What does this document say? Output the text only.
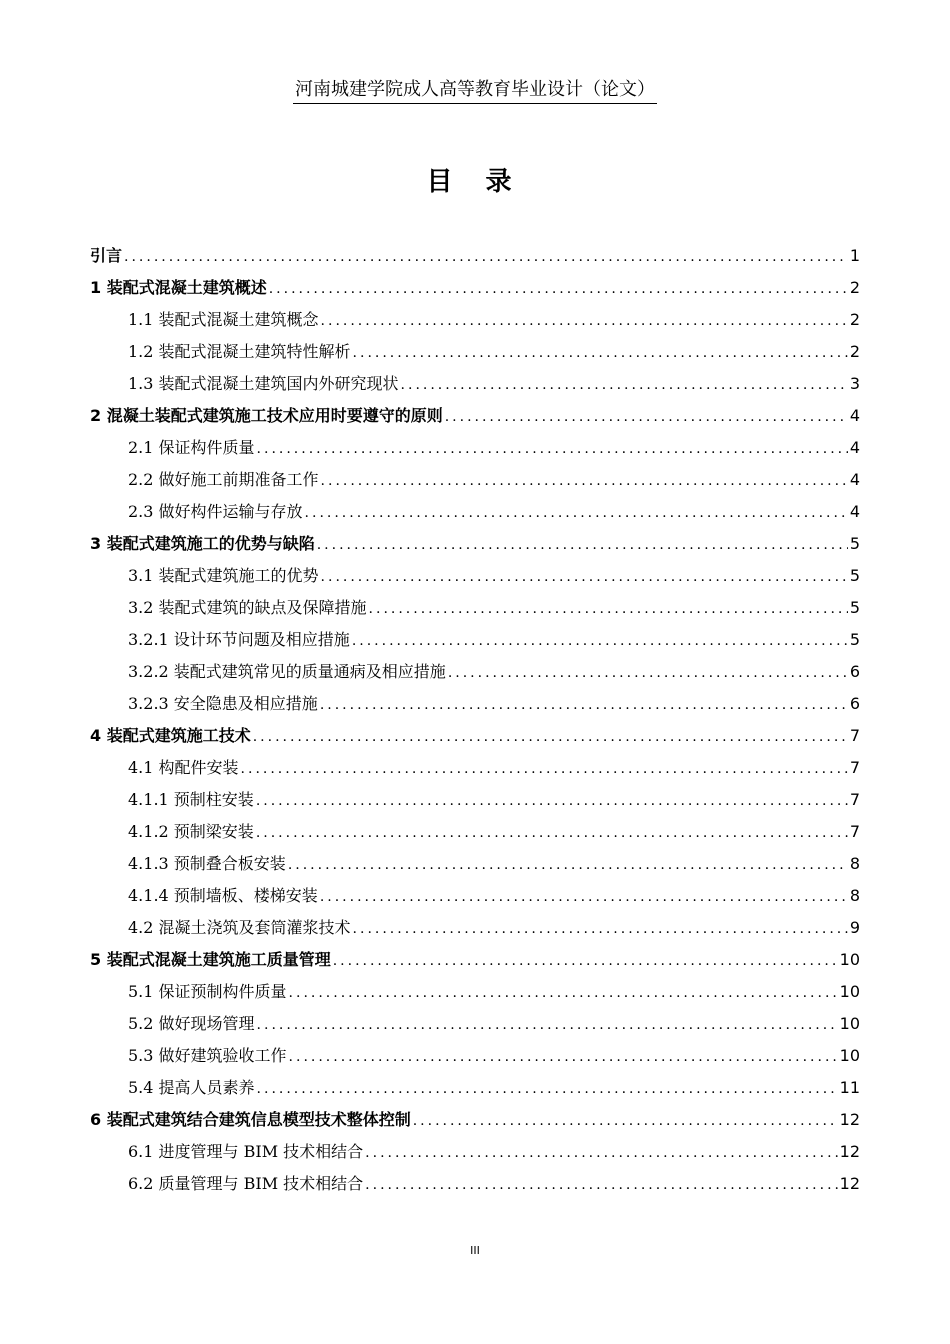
河南城建学院成人高等教育毕业设计（论文）
目 录
引言 .....	1
1 装配式混凝土建筑概述 .....	2
1.1 装配式混凝土建筑概念 .....	2
1.2 装配式混凝土建筑特性解析 .....	2
1.3 装配式混凝土建筑国内外研究现状 .....	3
2 混凝土装配式建筑施工技术应用时要遵守的原则 .....	4
2.1 保证构件质量 .....	4
2.2 做好施工前期准备工作 .....	4
2.3 做好构件运输与存放 .....	4
3 装配式建筑施工的优势与缺陷 .....	5
3.1 装配式建筑施工的优势 .....	5
3.2 装配式建筑的缺点及保障措施 .....	5
3.2.1 设计环节问题及相应措施 .....	5
3.2.2 装配式建筑常见的质量通病及相应措施 .....	6
3.2.3 安全隐患及相应措施 .....	6
4 装配式建筑施工技术 .....	7
4.1 构配件安装 .....	7
4.1.1 预制柱安装 .....	7
4.1.2 预制梁安装 .....	7
4.1.3 预制叠合板安装 .....	8
4.1.4 预制墙板、楼梯安装 .....	8
4.2 混凝土浇筑及套筒灌浆技术 .....	9
5 装配式混凝土建筑施工质量管理 .....	10
5.1 保证预制构件质量 .....	10
5.2 做好现场管理 .....	10
5.3 做好建筑验收工作 .....	10
5.4 提高人员素养 .....	11
6 装配式建筑结合建筑信息模型技术整体控制 .....	12
6.1 进度管理与 BIM 技术相结合 .....	12
6.2 质量管理与 BIM 技术相结合 .....	12
III
